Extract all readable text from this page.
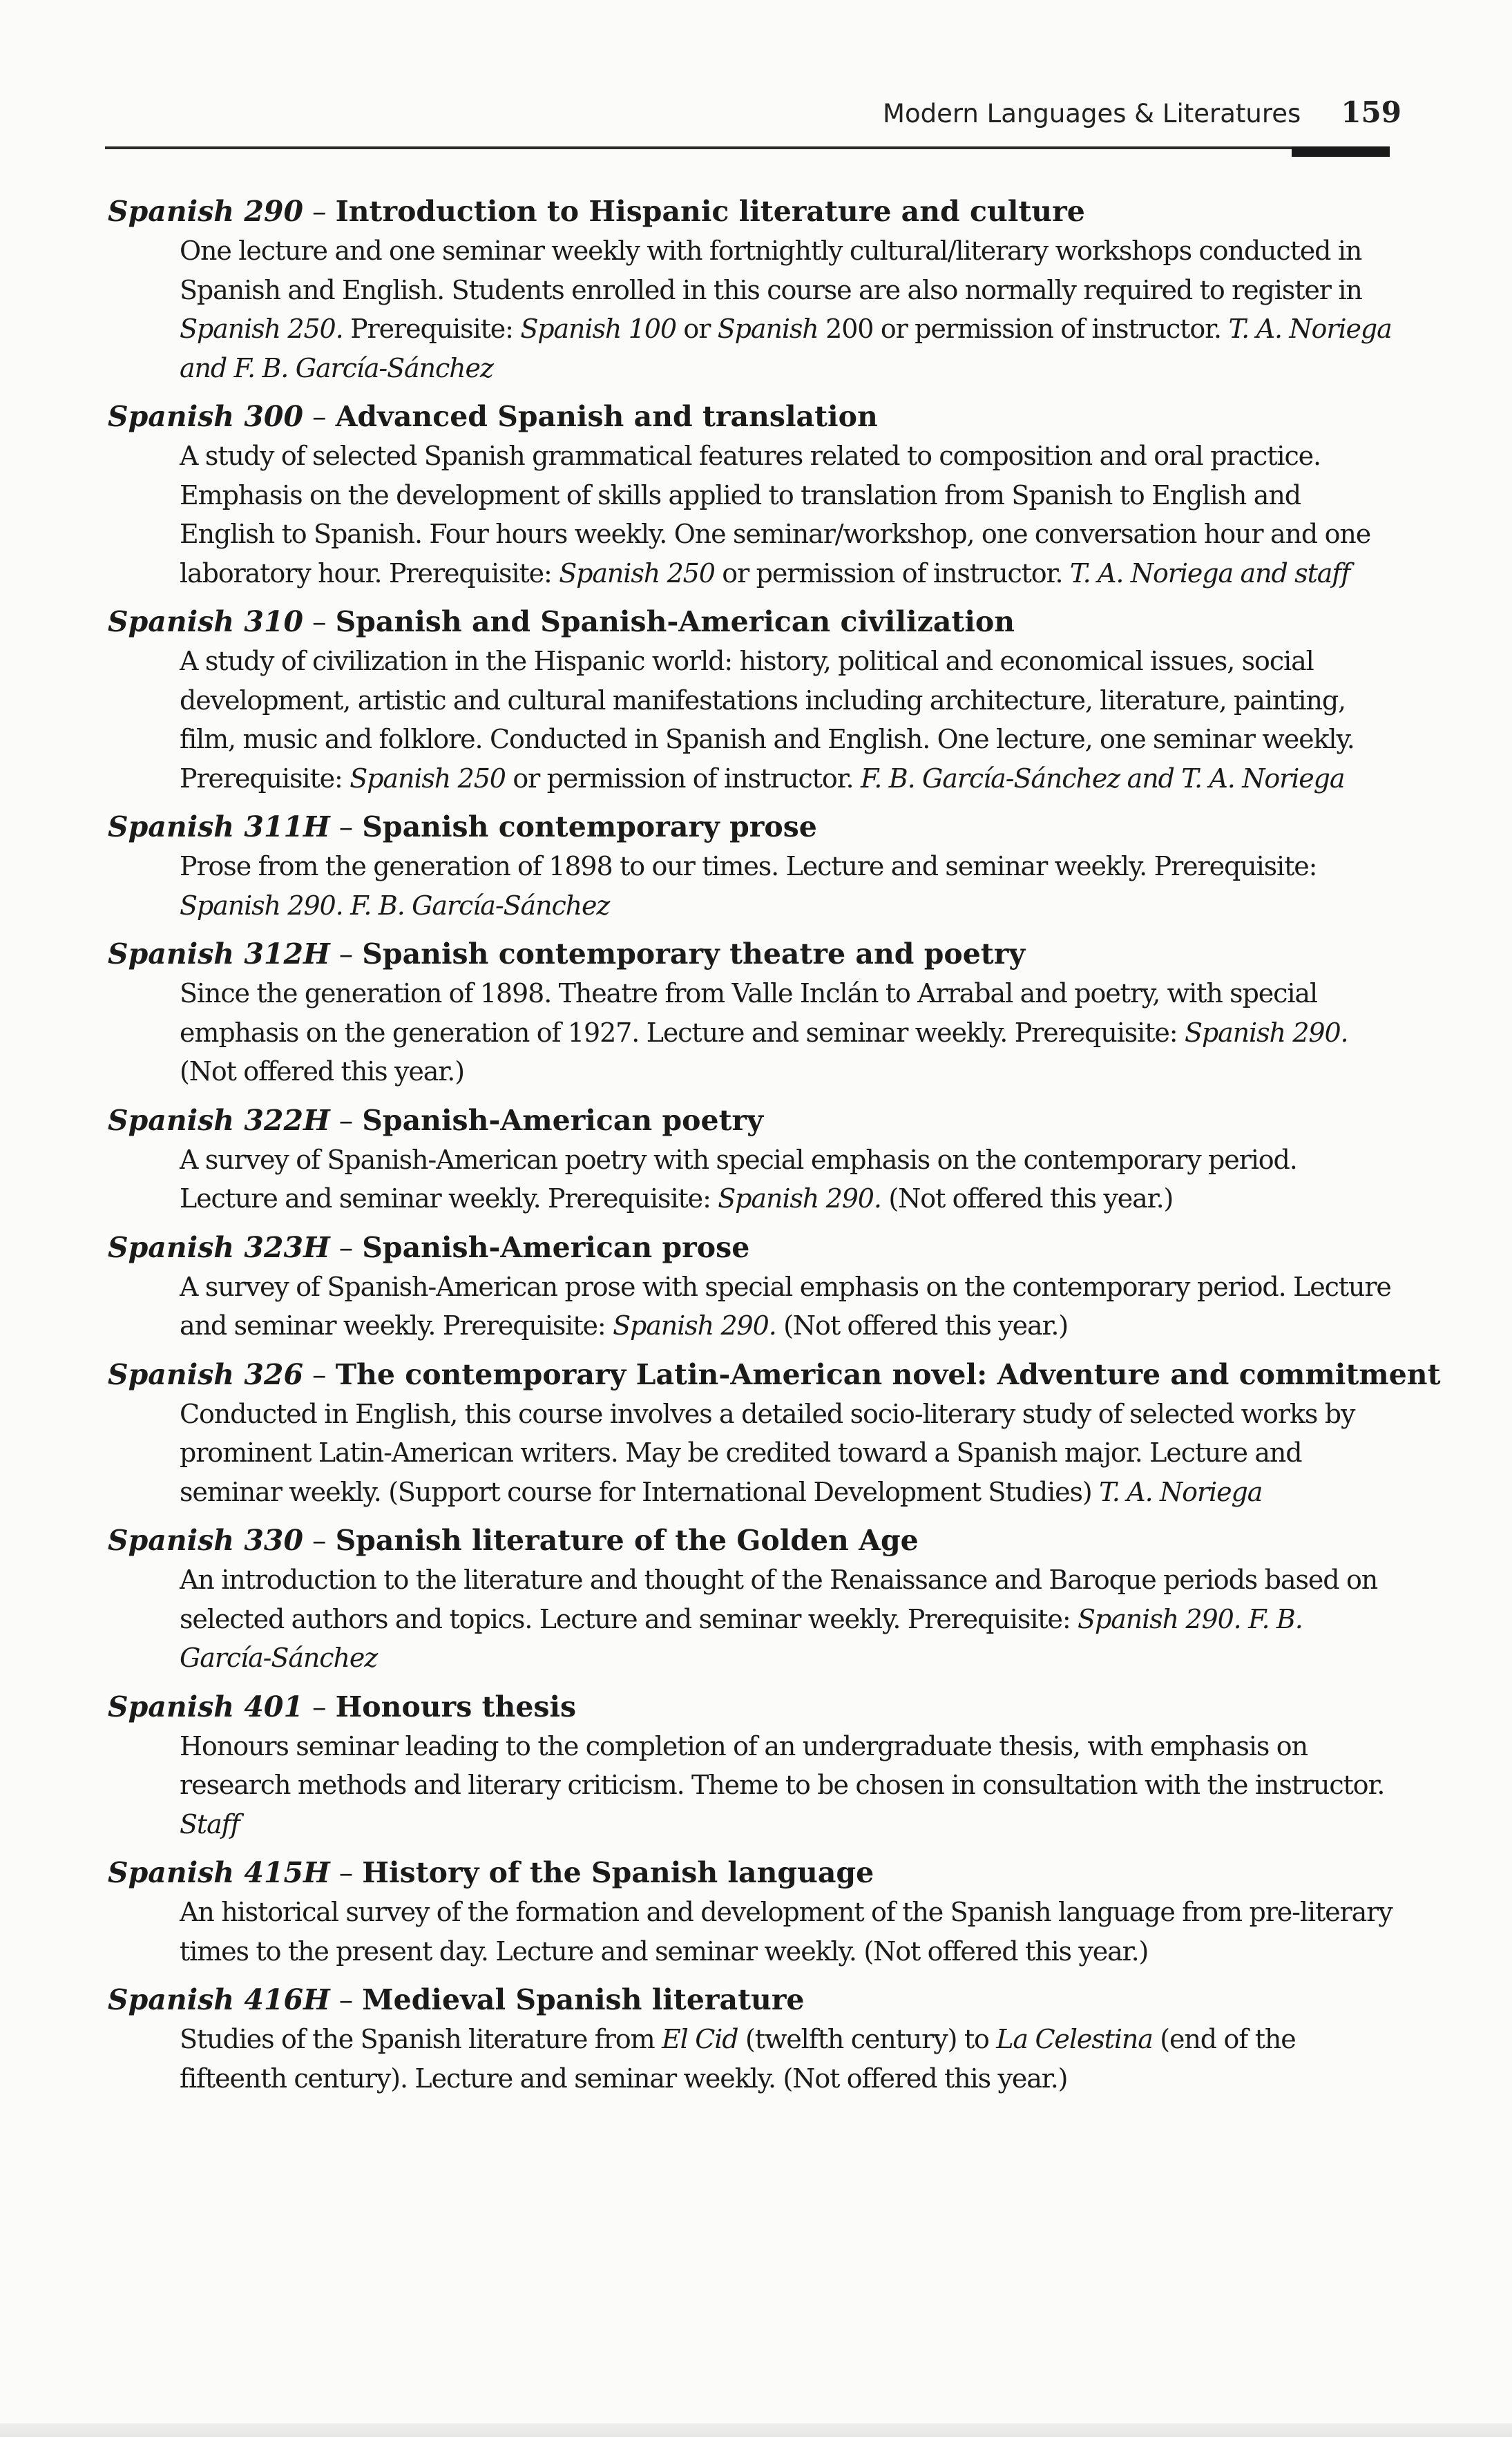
Modern Languages & Literatures 159
Spanish 290 – Introduction to Hispanic literature and culture
One lecture and one seminar weekly with fortnightly cultural/literary workshops conducted in Spanish and English. Students enrolled in this course are also normally required to register in Spanish 250. Prerequisite: Spanish 100 or Spanish 200 or permission of instructor. T. A. Noriega and F. B. García-Sánchez
Spanish 300 – Advanced Spanish and translation
A study of selected Spanish grammatical features related to composition and oral practice. Emphasis on the development of skills applied to translation from Spanish to English and English to Spanish. Four hours weekly. One seminar/workshop, one conversation hour and one laboratory hour. Prerequisite: Spanish 250 or permission of instructor. T. A. Noriega and staff
Spanish 310 – Spanish and Spanish-American civilization
A study of civilization in the Hispanic world: history, political and economical issues, social development, artistic and cultural manifestations including architecture, literature, painting, film, music and folklore. Conducted in Spanish and English. One lecture, one seminar weekly. Prerequisite: Spanish 250 or permission of instructor. F. B. García-Sánchez and T. A. Noriega
Spanish 311H – Spanish contemporary prose
Prose from the generation of 1898 to our times. Lecture and seminar weekly. Prerequisite: Spanish 290. F. B. García-Sánchez
Spanish 312H – Spanish contemporary theatre and poetry
Since the generation of 1898. Theatre from Valle Inclán to Arrabal and poetry, with special emphasis on the generation of 1927. Lecture and seminar weekly. Prerequisite: Spanish 290. (Not offered this year.)
Spanish 322H – Spanish-American poetry
A survey of Spanish-American poetry with special emphasis on the contemporary period. Lecture and seminar weekly. Prerequisite: Spanish 290. (Not offered this year.)
Spanish 323H – Spanish-American prose
A survey of Spanish-American prose with special emphasis on the contemporary period. Lecture and seminar weekly. Prerequisite: Spanish 290. (Not offered this year.)
Spanish 326 – The contemporary Latin-American novel: Adventure and commitment
Conducted in English, this course involves a detailed socio-literary study of selected works by prominent Latin-American writers. May be credited toward a Spanish major. Lecture and seminar weekly. (Support course for International Development Studies) T. A. Noriega
Spanish 330 – Spanish literature of the Golden Age
An introduction to the literature and thought of the Renaissance and Baroque periods based on selected authors and topics. Lecture and seminar weekly. Prerequisite: Spanish 290. F. B. García-Sánchez
Spanish 401 – Honours thesis
Honours seminar leading to the completion of an undergraduate thesis, with emphasis on research methods and literary criticism. Theme to be chosen in consultation with the instructor. Staff
Spanish 415H – History of the Spanish language
An historical survey of the formation and development of the Spanish language from pre-literary times to the present day. Lecture and seminar weekly. (Not offered this year.)
Spanish 416H – Medieval Spanish literature
Studies of the Spanish literature from El Cid (twelfth century) to La Celestina (end of the fifteenth century). Lecture and seminar weekly. (Not offered this year.)
